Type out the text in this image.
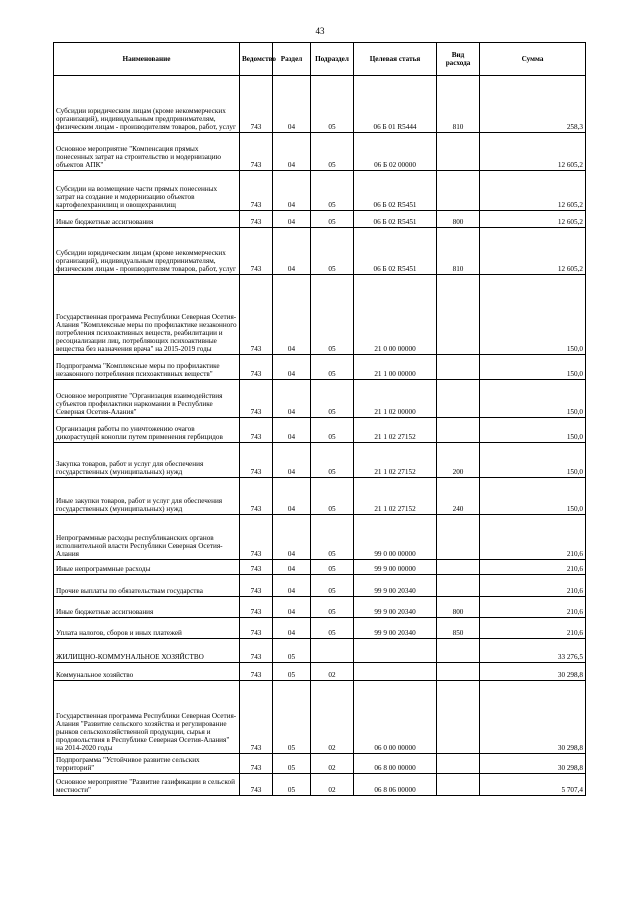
43
Наименование	Ведомство	Раздел	Подраздел	Целевая статья	Вид расхода	Сумма
Субсидии юридическим лицам (кроме некоммерческих организаций), индивидуальным предпринимателям, физическим лицам - производителям товаров, работ, услуг	743	04	05	06 Б 01 R5444	810	258,3
Основное мероприятие "Компенсация прямых понесенных затрат на строительство и модернизацию объектов АПК"	743	04	05	06 Б 02 00000		12 605,2
Субсидии на возмещение части прямых понесенных затрат на создание и модернизацию объектов картофелехранилищ и овощехранилищ	743	04	05	06 Б 02 R5451		12 605,2
Иные бюджетные ассигнования	743	04	05	06 Б 02 R5451	800	12 605,2
Субсидии юридическим лицам (кроме некоммерческих организаций), индивидуальным предпринимателям, физическим лицам - производителям товаров, работ, услуг	743	04	05	06 Б 02 R5451	810	12 605,2
Государственная программа Республики Северная Осетия-Алания "Комплексные меры по профилактике незаконного потребления психоактивных веществ, реабилитации и ресоциализации лиц, потребляющих психоактивные вещества без назначения врача" на 2015-2019 годы	743	04	05	21 0 00 00000		150,0
Подпрограмма "Комплексные меры по профилактике незаконного потребления психоактивных веществ"	743	04	05	21 1 00 00000		150,0
Основное мероприятие "Организация взаимодействия субъектов профилактики наркомании в Республике Северная Осетия-Алания"	743	04	05	21 1 02 00000		150,0
Организация работы по уничтожению очагов дикорастущей конопли путем применения гербицидов	743	04	05	21 1 02 27152		150,0
Закупка товаров, работ и услуг для обеспечения государственных (муниципальных) нужд	743	04	05	21 1 02 27152	200	150,0
Иные закупки товаров, работ и услуг для обеспечения государственных (муниципальных) нужд	743	04	05	21 1 02 27152	240	150,0
Непрограммные расходы республиканских органов исполнительной власти Республики Северная Осетия-Алания	743	04	05	99 0 00 00000		210,6
Иные непрограммные расходы	743	04	05	99 9 00 00000		210,6
Прочие выплаты по обязательствам государства	743	04	05	99 9 00 20340		210,6
Иные бюджетные ассигнования	743	04	05	99 9 00 20340	800	210,6
Уплата налогов, сборов и иных платежей	743	04	05	99 9 00 20340	850	210,6
ЖИЛИЩНО-КОММУНАЛЬНОЕ ХОЗЯЙСТВО	743	05				33 276,5
Коммунальное хозяйство	743	05	02			30 298,8
Государственная программа Республики Северная Осетия-Алания "Развитие сельского хозяйства и регулирование рынков сельскохозяйственной продукции, сырья и продовольствия в Республике Северная Осетия-Алания" на 2014-2020 годы	743	05	02	06 0 00 00000		30 298,8
Подпрограмма "Устойчивое развитие сельских территорий"	743	05	02	06 8 00 00000		30 298,8
Основное мероприятие "Развитие газификации в сельской местности"	743	05	02	06 8 06 00000		5 707,4
